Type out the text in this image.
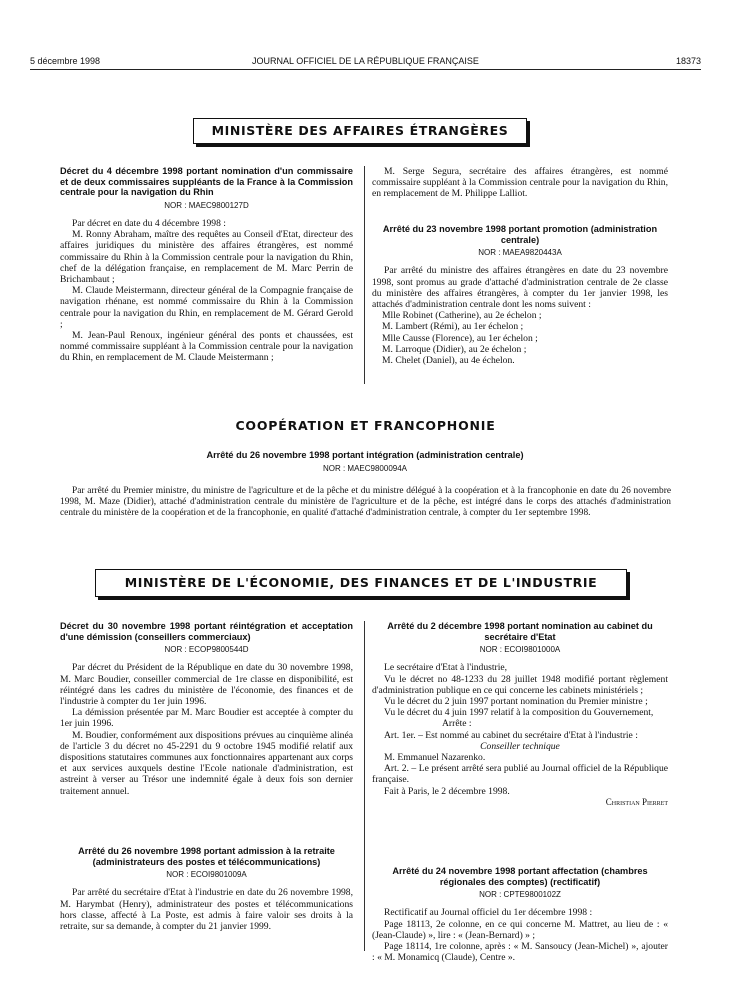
5 décembre 1998	JOURNAL OFFICIEL DE LA RÉPUBLIQUE FRANÇAISE	18373
MINISTÈRE DES AFFAIRES ÉTRANGÈRES
Décret du 4 décembre 1998 portant nomination d'un commissaire et de deux commissaires suppléants de la France à la Commission centrale pour la navigation du Rhin
NOR : MAEC9800127D

Par décret en date du 4 décembre 1998 :

M. Ronny Abraham, maître des requêtes au Conseil d'Etat, directeur des affaires juridiques du ministère des affaires étrangères, est nommé commissaire du Rhin à la Commission centrale pour la navigation du Rhin, chef de la délégation française, en remplacement de M. Marc Perrin de Brichambaut ;

M. Claude Meistermann, directeur général de la Compagnie française de navigation rhénane, est nommé commissaire du Rhin à la Commission centrale pour la navigation du Rhin, en remplacement de M. Gérard Gerold ;

M. Jean-Paul Renoux, ingénieur général des ponts et chaussées, est nommé commissaire suppléant à la Commission centrale pour la navigation du Rhin, en remplacement de M. Claude Meistermann ;

M. Serge Segura, secrétaire des affaires étrangères, est nommé commissaire suppléant à la Commission centrale pour la navigation du Rhin, en remplacement de M. Philippe Lalliot.

Arrêté du 23 novembre 1998 portant promotion (administration centrale)
NOR : MAEA9820443A

Par arrêté du ministre des affaires étrangères en date du 23 novembre 1998, sont promus au grade d'attaché d'administration centrale de 2e classe du ministère des affaires étrangères, à compter du 1er janvier 1998, les attachés d'administration centrale dont les noms suivent :

Mlle Robinet (Catherine), au 2e échelon ;

M. Lambert (Rémi), au 1er échelon ;

Mlle Causse (Florence), au 1er échelon ;

M. Larroque (Didier), au 2e échelon ;

M. Chelet (Daniel), au 4e échelon.

COOPÉRATION ET FRANCOPHONIE
Arrêté du 26 novembre 1998 portant intégration (administration centrale)
NOR : MAEC9800094A

Par arrêté du Premier ministre, du ministre de l'agriculture et de la pêche et du ministre délégué à la coopération et à la francophonie en date du 26 novembre 1998, M. Maze (Didier), attaché d'administration centrale du ministère de l'agriculture et de la pêche, est intégré dans le corps des attachés d'administration centrale du ministère de la coopération et de la francophonie, en qualité d'attaché d'administration centrale, à compter du 1er septembre 1998.

MINISTÈRE DE L'ÉCONOMIE, DES FINANCES ET DE L'INDUSTRIE
Décret du 30 novembre 1998 portant réintégration et acceptation d'une démission (conseillers commerciaux)
NOR : ECOP9800544D

Par décret du Président de la République en date du 30 novembre 1998, M. Marc Boudier, conseiller commercial de 1re classe en disponibilité, est réintégré dans les cadres du ministère de l'économie, des finances et de l'industrie à compter du 1er juin 1996.

La démission présentée par M. Marc Boudier est acceptée à compter du 1er juin 1996.

M. Boudier, conformément aux dispositions prévues au cinquième alinéa de l'article 3 du décret no 45-2291 du 9 octobre 1945 modifié relatif aux dispositions statutaires communes aux fonctionnaires appartenant aux corps et aux services auxquels destine l'Ecole nationale d'administration, est astreint à verser au Trésor une indemnité égale à deux fois son dernier traitement annuel.

Arrêté du 26 novembre 1998 portant admission à la retraite (administrateurs des postes et télécommunications)
NOR : ECOI9801009A

Par arrêté du secrétaire d'Etat à l'industrie en date du 26 novembre 1998, M. Harymbat (Henry), administrateur des postes et télécommunications hors classe, affecté à La Poste, est admis à faire valoir ses droits à la retraite, sur sa demande, à compter du 21 janvier 1999.

Arrêté du 2 décembre 1998 portant nomination au cabinet du secrétaire d'Etat
NOR : ECOI9801000A

Le secrétaire d'Etat à l'industrie,

Vu le décret no 48-1233 du 28 juillet 1948 modifié portant règlement d'administration publique en ce qui concerne les cabinets ministériels ;

Vu le décret du 2 juin 1997 portant nomination du Premier ministre ;

Vu le décret du 4 juin 1997 relatif à la composition du Gouvernement,

Arrête :

Art. 1er. – Est nommé au cabinet du secrétaire d'Etat à l'industrie :

Conseiller technique

M. Emmanuel Nazarenko.

Art. 2. – Le présent arrêté sera publié au Journal officiel de la République française.

Fait à Paris, le 2 décembre 1998.

Christian Pierret
Arrêté du 24 novembre 1998 portant affectation (chambres régionales des comptes) (rectificatif)
NOR : CPTE9800102Z

Rectificatif au Journal officiel du 1er décembre 1998 :

Page 18113, 2e colonne, en ce qui concerne M. Mattret, au lieu de : « (Jean-Claude) », lire : « (Jean-Bernard) » ;

Page 18114, 1re colonne, après : « M. Sansoucy (Jean-Michel) », ajouter : « M. Monamicq (Claude), Centre ».
